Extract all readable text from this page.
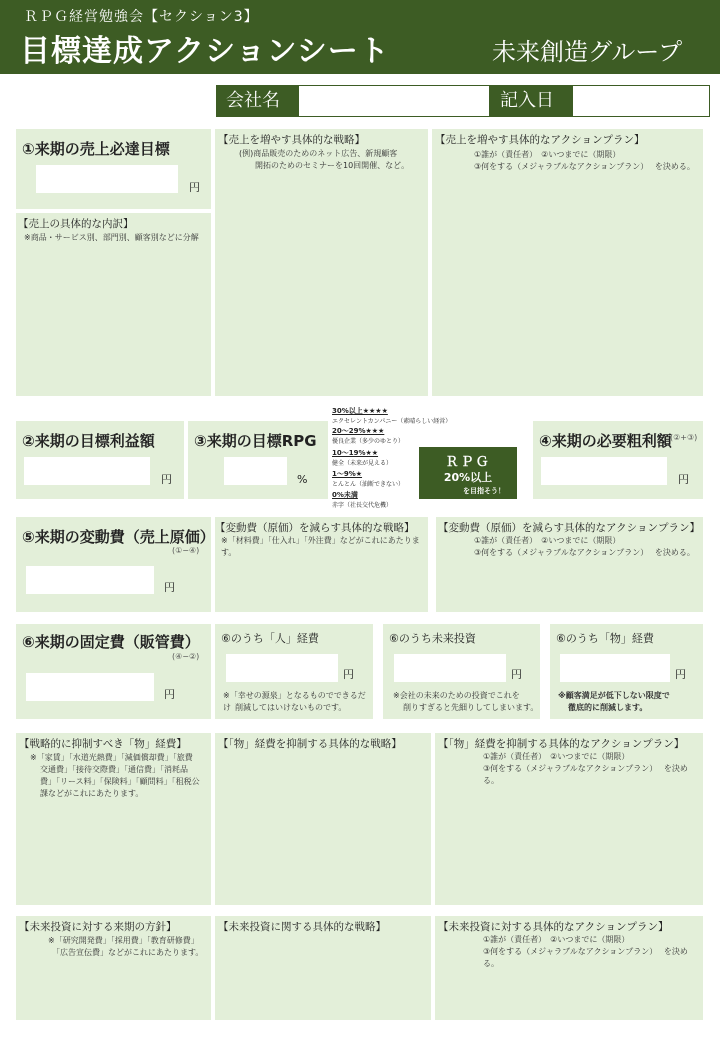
ＲＰＧ経営勉強会【セクション3】
目標達成アクションシート	未来創造グループ
会社名	記入日
①来期の売上必達目標
円
【売上の具体的な内訳】
※商品・サービス別、部門別、顧客別などに分解
【売上を増やす具体的な戦略】
(例)商品販売のためのネット広告、新規顧客
開拓のためのセミナーを10回開催、など。
【売上を増やす具体的なアクションプラン】
①誰が（責任者）　②いつまでに（期限）
③何をする（メジャラブルなアクションプラン）　 を決める。
②来期の目標利益額
円
③来期の目標RPG
%
30%以上★★★★
エクセレントカンパニー（素晴らしい経営）
20〜29%★★★
優良企業（多少のゆとり）
10〜19%★★
健全（未来が見える）
1〜9%★
とんとん（油断できない）
0%未満
赤字（社長交代危機）
ＲＰＧ
20%以上
を目指そう！
④来期の必要粗利額
(②+③)
円
⑤来期の変動費（売上原価）
(①−④)
円
【変動費（原価）を減らす具体的な戦略】
※「材料費」「仕入れ」「外注費」などがこれにあたります。
【変動費（原価）を減らす具体的なアクションプラン】
①誰が（責任者）　②いつまでに（期限）
③何をする（メジャラブルなアクションプラン）　 を決める。
⑥来期の固定費（販管費）
(④−②)
円
⑥のうち「人」経費
円
※「幸せの源泉」となるものでできるだけ 削減してはいけないものです。
⑥のうち未来投資
円
※会社の未来のための投資でこれを
削りすぎると先細りしてしまいます。
⑥のうち「物」経費
円
※顧客満足が低下しない限度で
徹底的に削減します。
【戦略的に抑制すべき「物」経費】
※「家賃」「水道光熱費」「減価償却費」「旅費
交通費」「接待交際費」「通信費」「消耗品
費」「リース料」「保険料」「顧問料」「租税公
課などがこれにあたります。
【「物」経費を抑制する具体的な戦略】	【「物」経費を抑制する具体的なアクションプラン】
①誰が（責任者）　②いつまでに（期限）
③何をする（メジャラブルなアクションプラン）　 を決める。
【未来投資に対する来期の方針】
※「研究開発費」「採用費」「教育研修費」
「広告宣伝費」などがこれにあたります。
【未来投資に関する具体的な戦略】	【未来投資に対する具体的なアクションプラン】
①誰が（責任者）　②いつまでに（期限）
③何をする（メジャラブルなアクションプラン）　 を決める。
